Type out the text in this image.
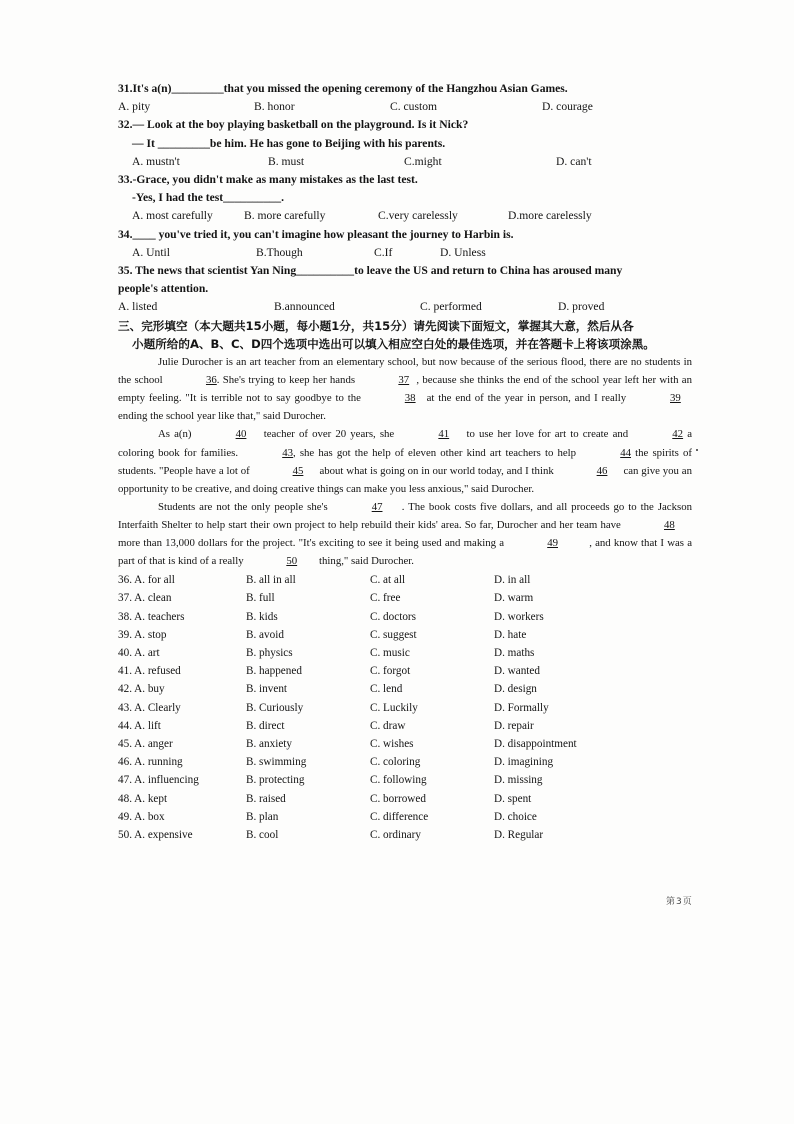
31.It's a(n)_________that you missed the opening ceremony of the Hangzhou Asian Games.
A. pity	B. honor	C. custom	D. courage
32.— Look at the boy playing basketball on the playground. Is it Nick?
— It _________be him. He has gone to Beijing with his parents.
A. mustn't	B. must	C.might	D. can't
33.-Grace, you didn't make as many mistakes as the last test.
-Yes, I had the test__________.
A. most carefully	B. more carefully	C.very carelessly	D.more carelessly
34.____ you've tried it, you can't imagine how pleasant the journey to Harbin is.
A. Until	B.Though	C.If	D. Unless
35. The news that scientist Yan Ning__________to leave the US and return to China has aroused many
people's attention.
A. listed	B.announced	C. performed	D. proved
三、完形填空（本大题共15小题，每小题1分，共15分）请先阅读下面短文，掌握其大意，然后从各
小题所给的A、B、C、D四个选项中选出可以填入相应空白处的最佳选项，并在答题卡上将该项涂黑。
Julie Durocher is an art teacher from an elementary school, but now because of the serious flood, there are no students in the school	36. She's trying to keep her hands	37 , because she thinks the end of the school year left her with an empty feeling. "It is terrible not to say goodbye to the	38 at the end of the year in person, and I really	39 ending the school year like that," said Durocher.
As a(n)	40 teacher of over 20 years, she	41 to use her love for art to create and	42 a coloring book for families.	43, she has got the help of eleven other kind art teachers to help	44 the spirits of students. "People have a lot of	45 about what is going on in our world today, and I think	46 can give you an opportunity to be creative, and doing creative things can make you less anxious," said Durocher.
Students are not the only people she's	47 . The book costs five dollars, and all proceeds go to the Jackson Interfaith Shelter to help start their own project to help rebuild their kids' area. So far, Durocher and her team have	48 more than 13,000 dollars for the project. "It's exciting to see it being used and making a	49	, and know that I was a part of that is kind of a really	50 thing," said Durocher.
36. A. for all	B. all in all	C. at all	D. in all
37. A. clean	B. full	C. free	D. warm
38. A. teachers	B. kids	C. doctors	D. workers
39. A. stop	B. avoid	C. suggest	D. hate
40. A. art	B. physics	C. music	D. maths
41. A. refused	B. happened	C. forgot	D. wanted
42. A. buy	B. invent	C. lend	D. design
43. A. Clearly	B. Curiously	C. Luckily	D. Formally
44. A. lift	B. direct	C. draw	D. repair
45. A. anger	B. anxiety	C. wishes	D. disappointment
46. A. running	B. swimming	C. coloring	D. imagining
47. A. influencing	B. protecting	C. following	D. missing
48. A. kept	B. raised	C. borrowed	D. spent
49. A. box	B. plan	C. difference	D. choice
50. A. expensive	B. cool	C. ordinary	D. Regular
第3页
